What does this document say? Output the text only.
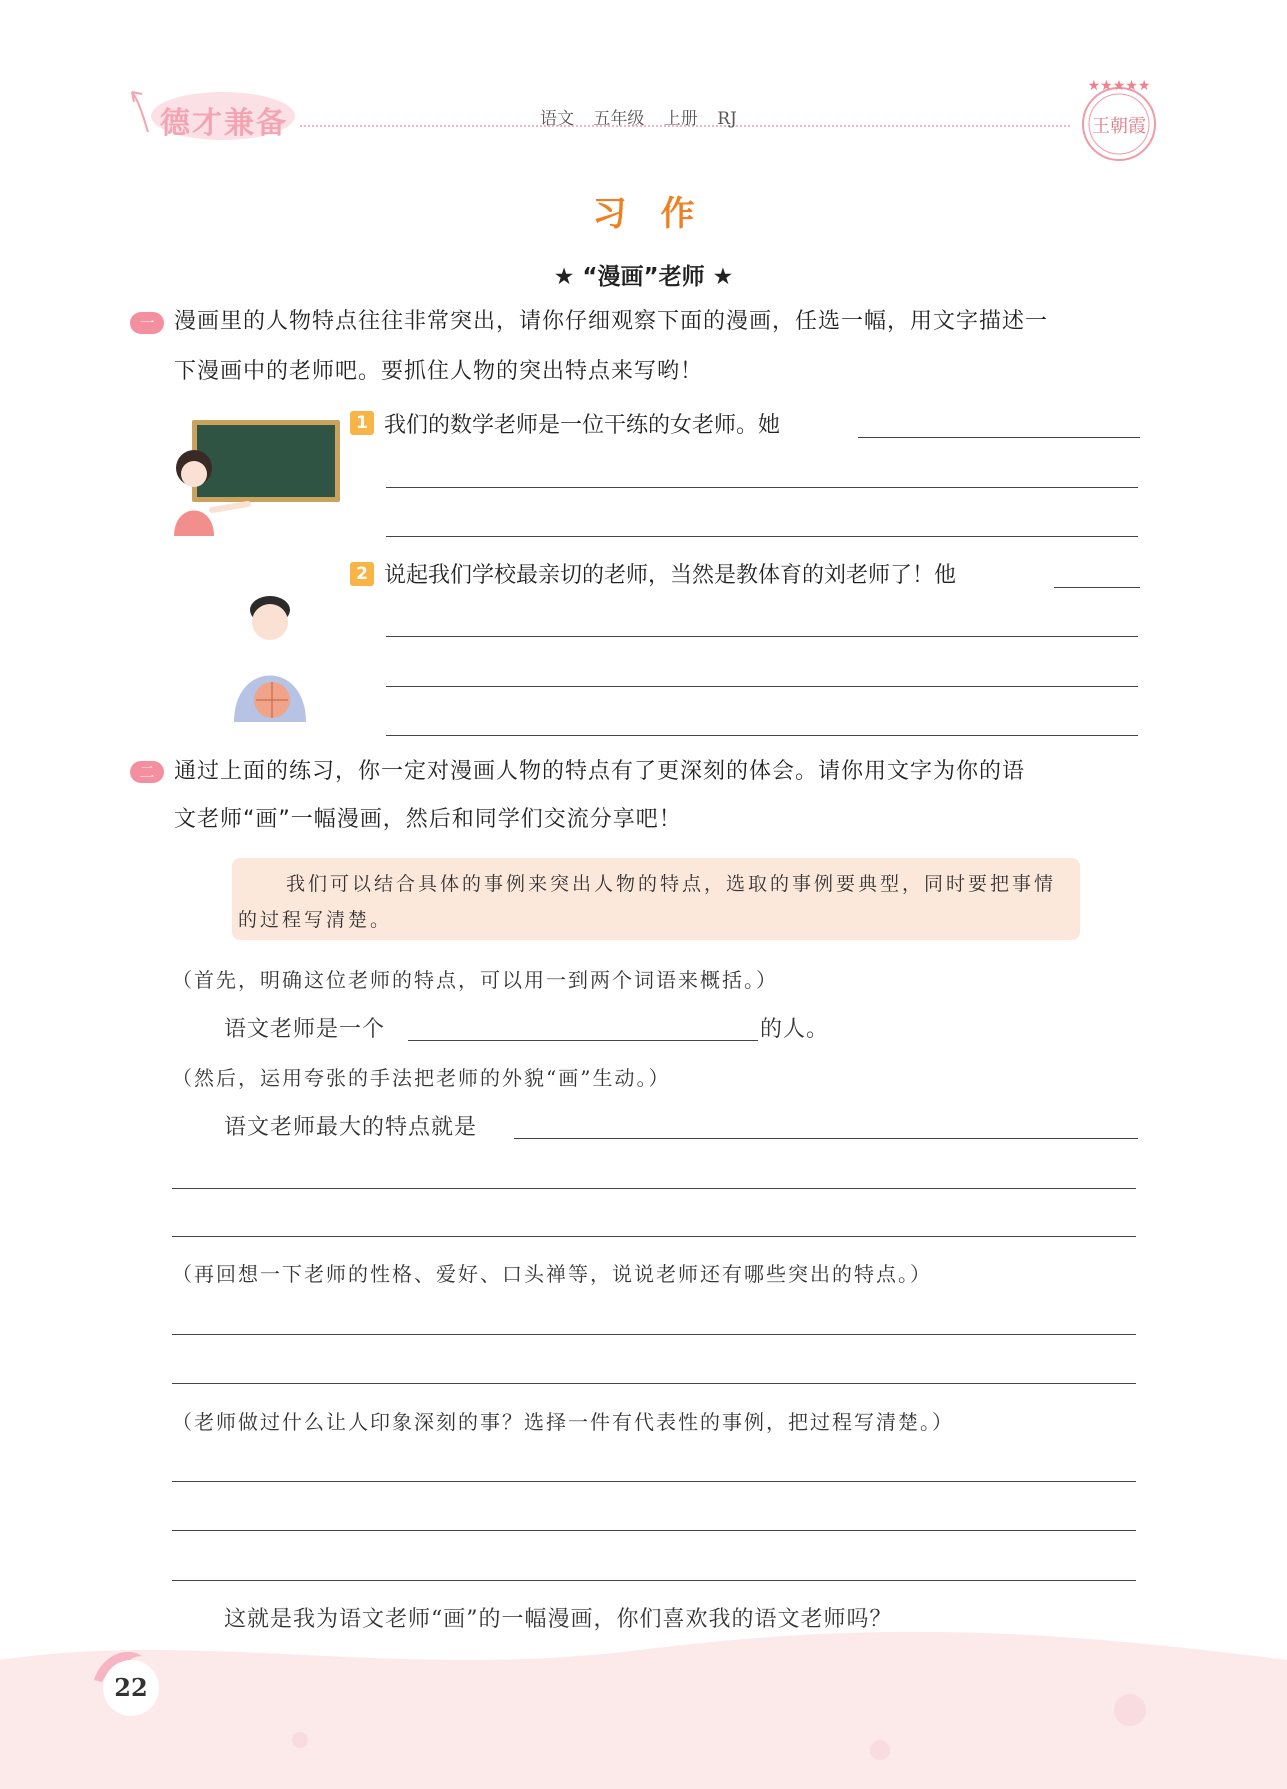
德才兼备	语文 五年级 上册 RJ
★★★★★
王朝霞
习作
★ “漫画”老师 ★
一 漫画里的人物特点往往非常突出，请你仔细观察下面的漫画，任选一幅，用文字描述一
下漫画中的老师吧。要抓住人物的突出特点来写哟！
1 我们的数学老师是一位干练的女老师。她
2 说起我们学校最亲切的老师，当然是教体育的刘老师了！他
二 通过上面的练习，你一定对漫画人物的特点有了更深刻的体会。请你用文字为你的语
文老师“画”一幅漫画，然后和同学们交流分享吧！
我们可以结合具体的事例来突出人物的特点，选取的事例要典型，同时要把事情的过程写清楚。
（首先，明确这位老师的特点，可以用一到两个词语来概括。）
语文老师是一个	的人。
（然后，运用夸张的手法把老师的外貌“画”生动。）
语文老师最大的特点就是
（再回想一下老师的性格、爱好、口头禅等，说说老师还有哪些突出的特点。）
（老师做过什么让人印象深刻的事？选择一件有代表性的事例，把过程写清楚。）
这就是我为语文老师“画”的一幅漫画，你们喜欢我的语文老师吗？
22
